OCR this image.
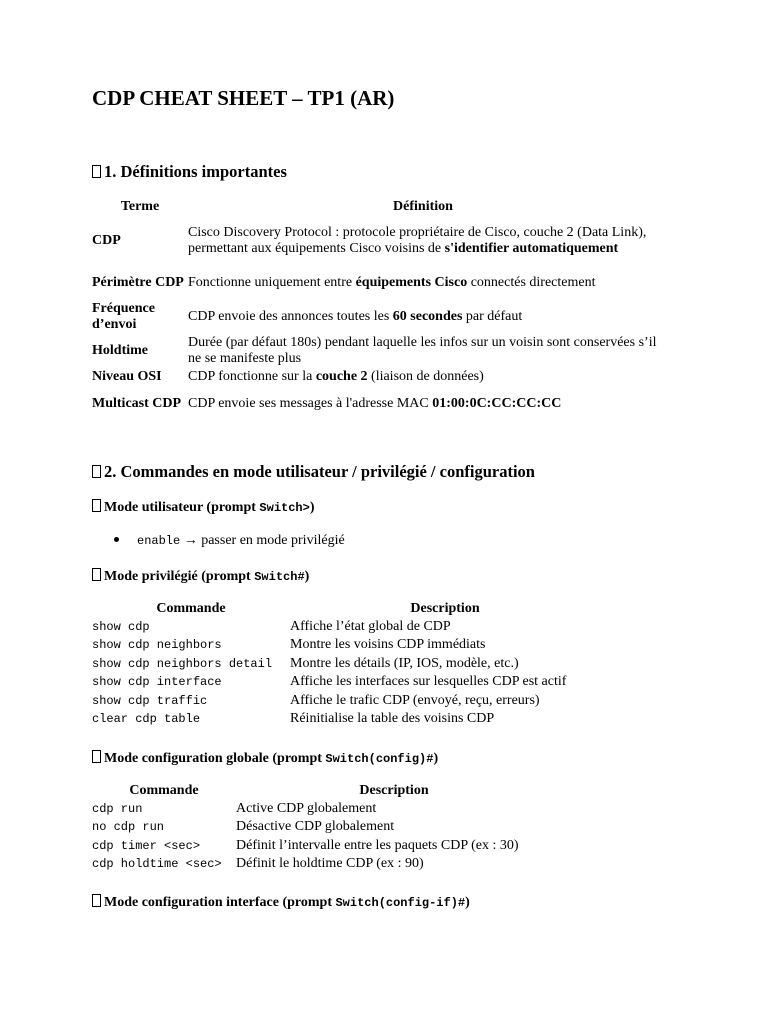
CDP CHEAT SHEET – TP1 (AR)
1. Définitions importantes
Terme	Définition
CDP	Cisco Discovery Protocol : protocole propriétaire de Cisco, couche 2 (Data Link), permettant aux équipements Cisco voisins de s'identifier automatiquement
Périmètre CDP	Fonctionne uniquement entre équipements Cisco connectés directement
Fréquence d’envoi	CDP envoie des annonces toutes les 60 secondes par défaut
Holdtime	Durée (par défaut 180s) pendant laquelle les infos sur un voisin sont conservées s’il ne se manifeste plus
Niveau OSI	CDP fonctionne sur la couche 2 (liaison de données)
Multicast CDP	CDP envoie ses messages à l'adresse MAC 01:00:0C:CC:CC:CC
2. Commandes en mode utilisateur / privilégié / configuration
Mode utilisateur (prompt Switch>)
enable → passer en mode privilégié
Mode privilégié (prompt Switch#)
Commande	Description
show cdp	Affiche l’état global de CDP
show cdp neighbors	Montre les voisins CDP immédiats
show cdp neighbors detail	Montre les détails (IP, IOS, modèle, etc.)
show cdp interface	Affiche les interfaces sur lesquelles CDP est actif
show cdp traffic	Affiche le trafic CDP (envoyé, reçu, erreurs)
clear cdp table	Réinitialise la table des voisins CDP
Mode configuration globale (prompt Switch(config)#)
Commande	Description
cdp run	Active CDP globalement
no cdp run	Désactive CDP globalement
cdp timer <sec>	Définit l’intervalle entre les paquets CDP (ex : 30)
cdp holdtime <sec>	Définit le holdtime CDP (ex : 90)
Mode configuration interface (prompt Switch(config-if)#)
